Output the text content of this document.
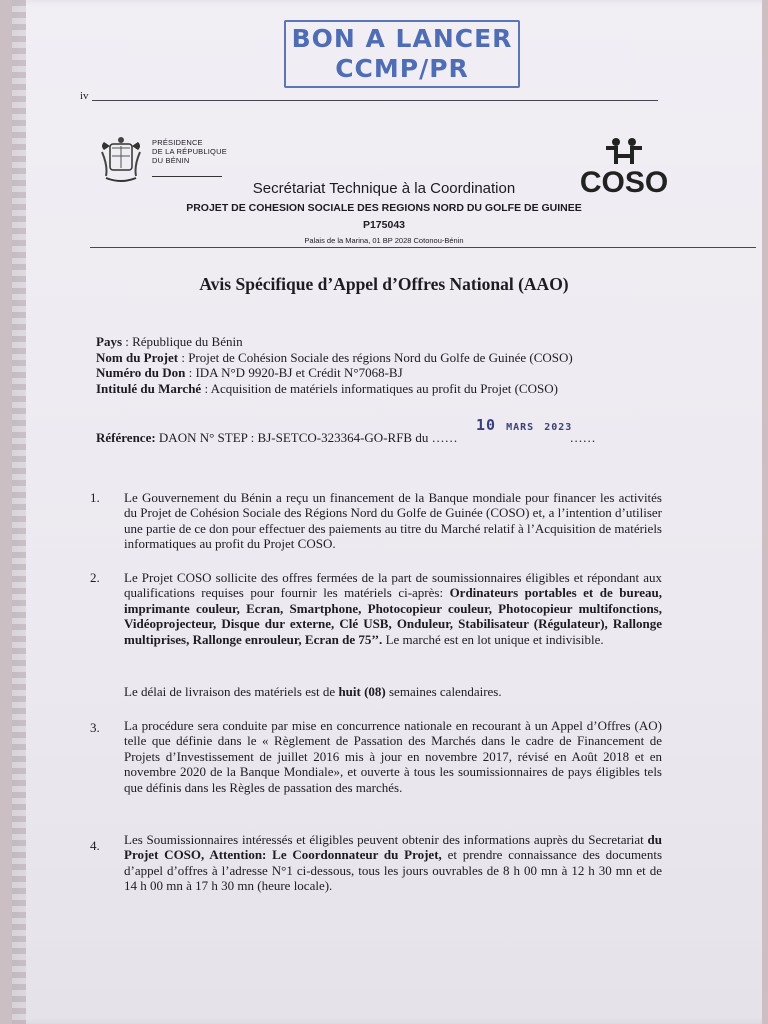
BON A LANCER
CCMP/PR
iv
PRÉSIDENCE
DE LA RÉPUBLIQUE
DU BÉNIN
COSO
Secrétariat Technique à la Coordination
PROJET DE COHESION SOCIALE DES REGIONS NORD DU GOLFE DE GUINEE
P175043
Palais de la Marina, 01 BP 2028 Cotonou-Bénin
Avis Spécifique d’Appel d’Offres National (AAO)
Pays : République du Bénin
Nom du Projet : Projet de Cohésion Sociale des régions Nord du Golfe de Guinée (COSO)
Numéro du Don : IDA N°D 9920-BJ et Crédit N°7068-BJ
Intitulé du Marché : Acquisition de matériels informatiques au profit du Projet (COSO)
Référence: DAON N° STEP : BJ-SETCO-323364-GO-RFB du ……	……
10 MARS 2023
1. Le Gouvernement du Bénin a reçu un financement de la Banque mondiale pour financer les activités du Projet de Cohésion Sociale des Régions Nord du Golfe de Guinée (COSO) et, a l’intention d’utiliser une partie de ce don pour effectuer des paiements au titre du Marché relatif à l’Acquisition de matériels informatiques au profit du Projet COSO.
2. Le Projet COSO sollicite des offres fermées de la part de soumissionnaires éligibles et répondant aux qualifications requises pour fournir les matériels ci-après: Ordinateurs portables et de bureau, imprimante couleur, Ecran, Smartphone, Photocopieur couleur, Photocopieur multifonctions, Vidéoprojecteur, Disque dur externe, Clé USB, Onduleur, Stabilisateur (Régulateur), Rallonge multiprises, Rallonge enrouleur, Ecran de 75’’. Le marché est en lot unique et indivisible.
Le délai de livraison des matériels est de huit (08) semaines calendaires.
3. La procédure sera conduite par mise en concurrence nationale en recourant à un Appel d’Offres (AO) telle que définie dans le « Règlement de Passation des Marchés dans le cadre de Financement de Projets d’Investissement de juillet 2016 mis à jour en novembre 2017, révisé en Août 2018 et en novembre 2020 de la Banque Mondiale», et ouverte à tous les soumissionnaires de pays éligibles tels que définis dans les Règles de passation des marchés.
4. Les Soumissionnaires intéressés et éligibles peuvent obtenir des informations auprès du Secretariat du Projet COSO, Attention: Le Coordonnateur du Projet, et prendre connaissance des documents d’appel d’offres à l’adresse N°1 ci-dessous, tous les jours ouvrables de 8 h 00 mn à 12 h 30 mn et de 14 h 00 mn à 17 h 30 mn (heure locale).
